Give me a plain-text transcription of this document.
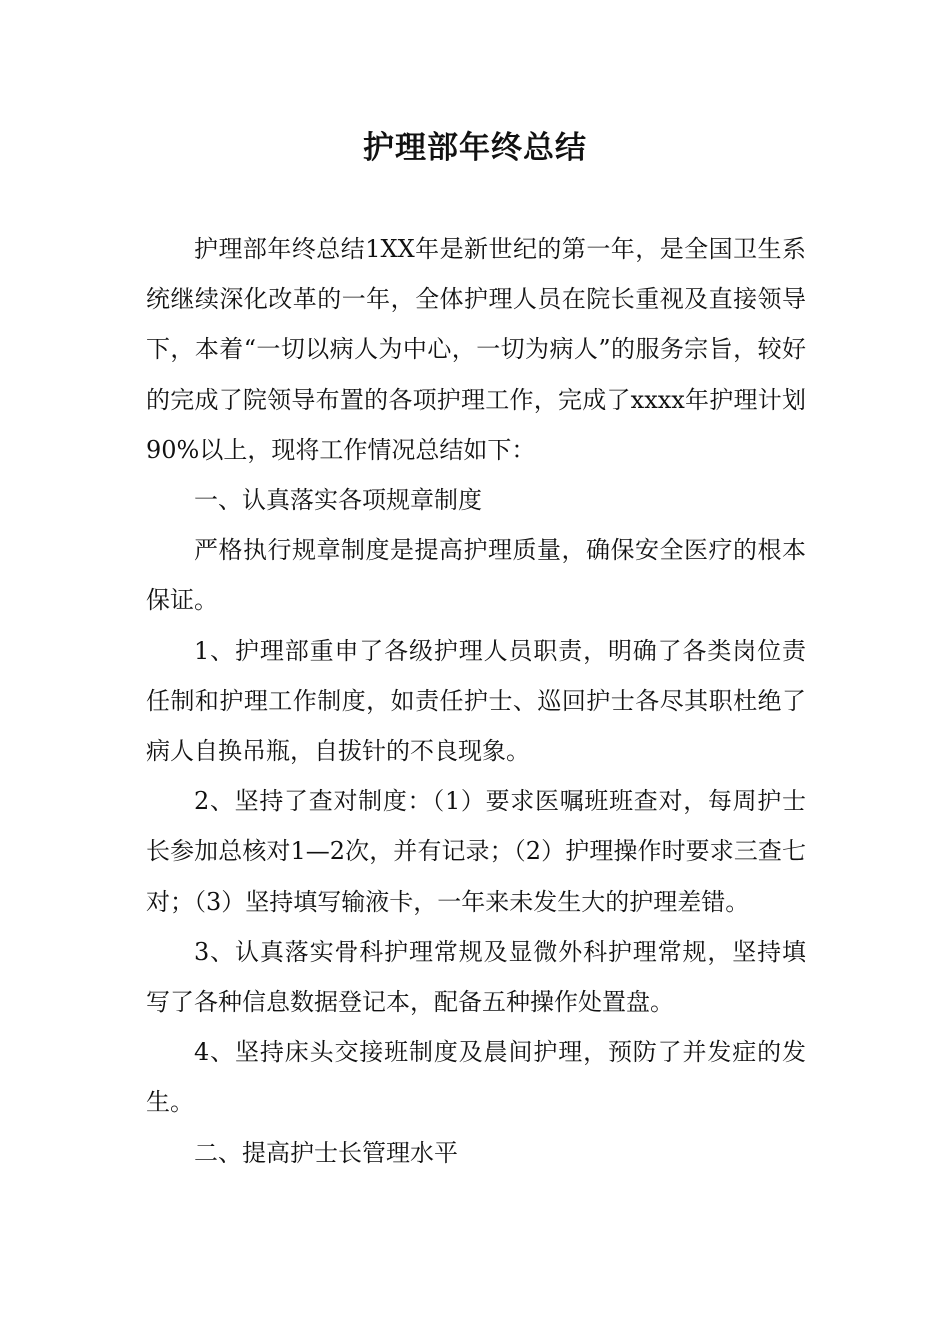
护理部年终总结

护理部年终总结1XX年是新世纪的第一年，是全国卫生系统继续深化改革的一年，全体护理人员在院长重视及直接领导下，本着“一切以病人为中心，一切为病人”的服务宗旨，较好的完成了院领导布置的各项护理工作，完成了xxxx年护理计划90%以上，现将工作情况总结如下：

一、认真落实各项规章制度

严格执行规章制度是提高护理质量，确保安全医疗的根本保证。

1、护理部重申了各级护理人员职责，明确了各类岗位责任制和护理工作制度，如责任护士、巡回护士各尽其职杜绝了病人自换吊瓶，自拔针的不良现象。

2、坚持了查对制度：（1）要求医嘱班班查对，每周护士长参加总核对1—2次，并有记录；（2）护理操作时要求三查七对；（3）坚持填写输液卡，一年来未发生大的护理差错。

3、认真落实骨科护理常规及显微外科护理常规，坚持填写了各种信息数据登记本，配备五种操作处置盘。

4、坚持床头交接班制度及晨间护理，预防了并发症的发生。

二、提高护士长管理水平
